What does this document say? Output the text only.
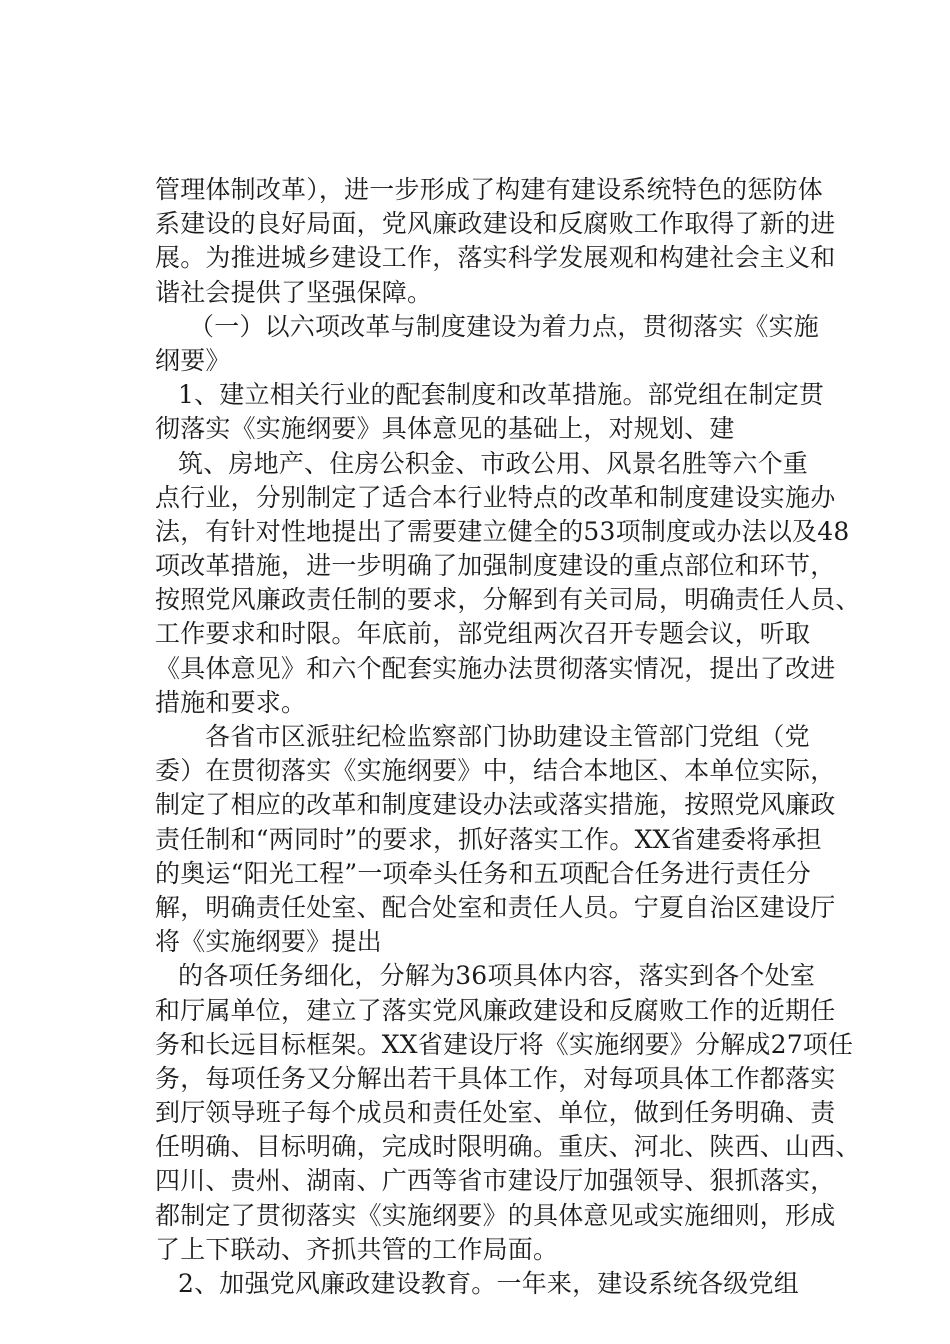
管理体制改革），进一步形成了构建有建设系统特色的惩防体
系建设的良好局面，党风廉政建设和反腐败工作取得了新的进
展。为推进城乡建设工作，落实科学发展观和构建社会主义和
谐社会提供了坚强保障。
（一）以六项改革与制度建设为着力点，贯彻落实《实施
纲要》
1、建立相关行业的配套制度和改革措施。部党组在制定贯
彻落实《实施纲要》具体意见的基础上，对规划、建
筑、房地产、住房公积金、市政公用、风景名胜等六个重
点行业，分别制定了适合本行业特点的改革和制度建设实施办
法，有针对性地提出了需要建立健全的53项制度或办法以及48
项改革措施，进一步明确了加强制度建设的重点部位和环节，
按照党风廉政责任制的要求，分解到有关司局，明确责任人员、
工作要求和时限。年底前，部党组两次召开专题会议，听取
《具体意见》和六个配套实施办法贯彻落实情况，提出了改进
措施和要求。
各省市区派驻纪检监察部门协助建设主管部门党组（党
委）在贯彻落实《实施纲要》中，结合本地区、本单位实际，
制定了相应的改革和制度建设办法或落实措施，按照党风廉政
责任制和“两同时”的要求，抓好落实工作。XX省建委将承担
的奥运“阳光工程”一项牵头任务和五项配合任务进行责任分
解，明确责任处室、配合处室和责任人员。宁夏自治区建设厅
将《实施纲要》提出
的各项任务细化，分解为36项具体内容，落实到各个处室
和厅属单位，建立了落实党风廉政建设和反腐败工作的近期任
务和长远目标框架。XX省建设厅将《实施纲要》分解成27项任
务，每项任务又分解出若干具体工作，对每项具体工作都落实
到厅领导班子每个成员和责任处室、单位，做到任务明确、责
任明确、目标明确，完成时限明确。重庆、河北、陕西、山西、
四川、贵州、湖南、广西等省市建设厅加强领导、狠抓落实，
都制定了贯彻落实《实施纲要》的具体意见或实施细则，形成
了上下联动、齐抓共管的工作局面。
2、加强党风廉政建设教育。一年来，建设系统各级党组
